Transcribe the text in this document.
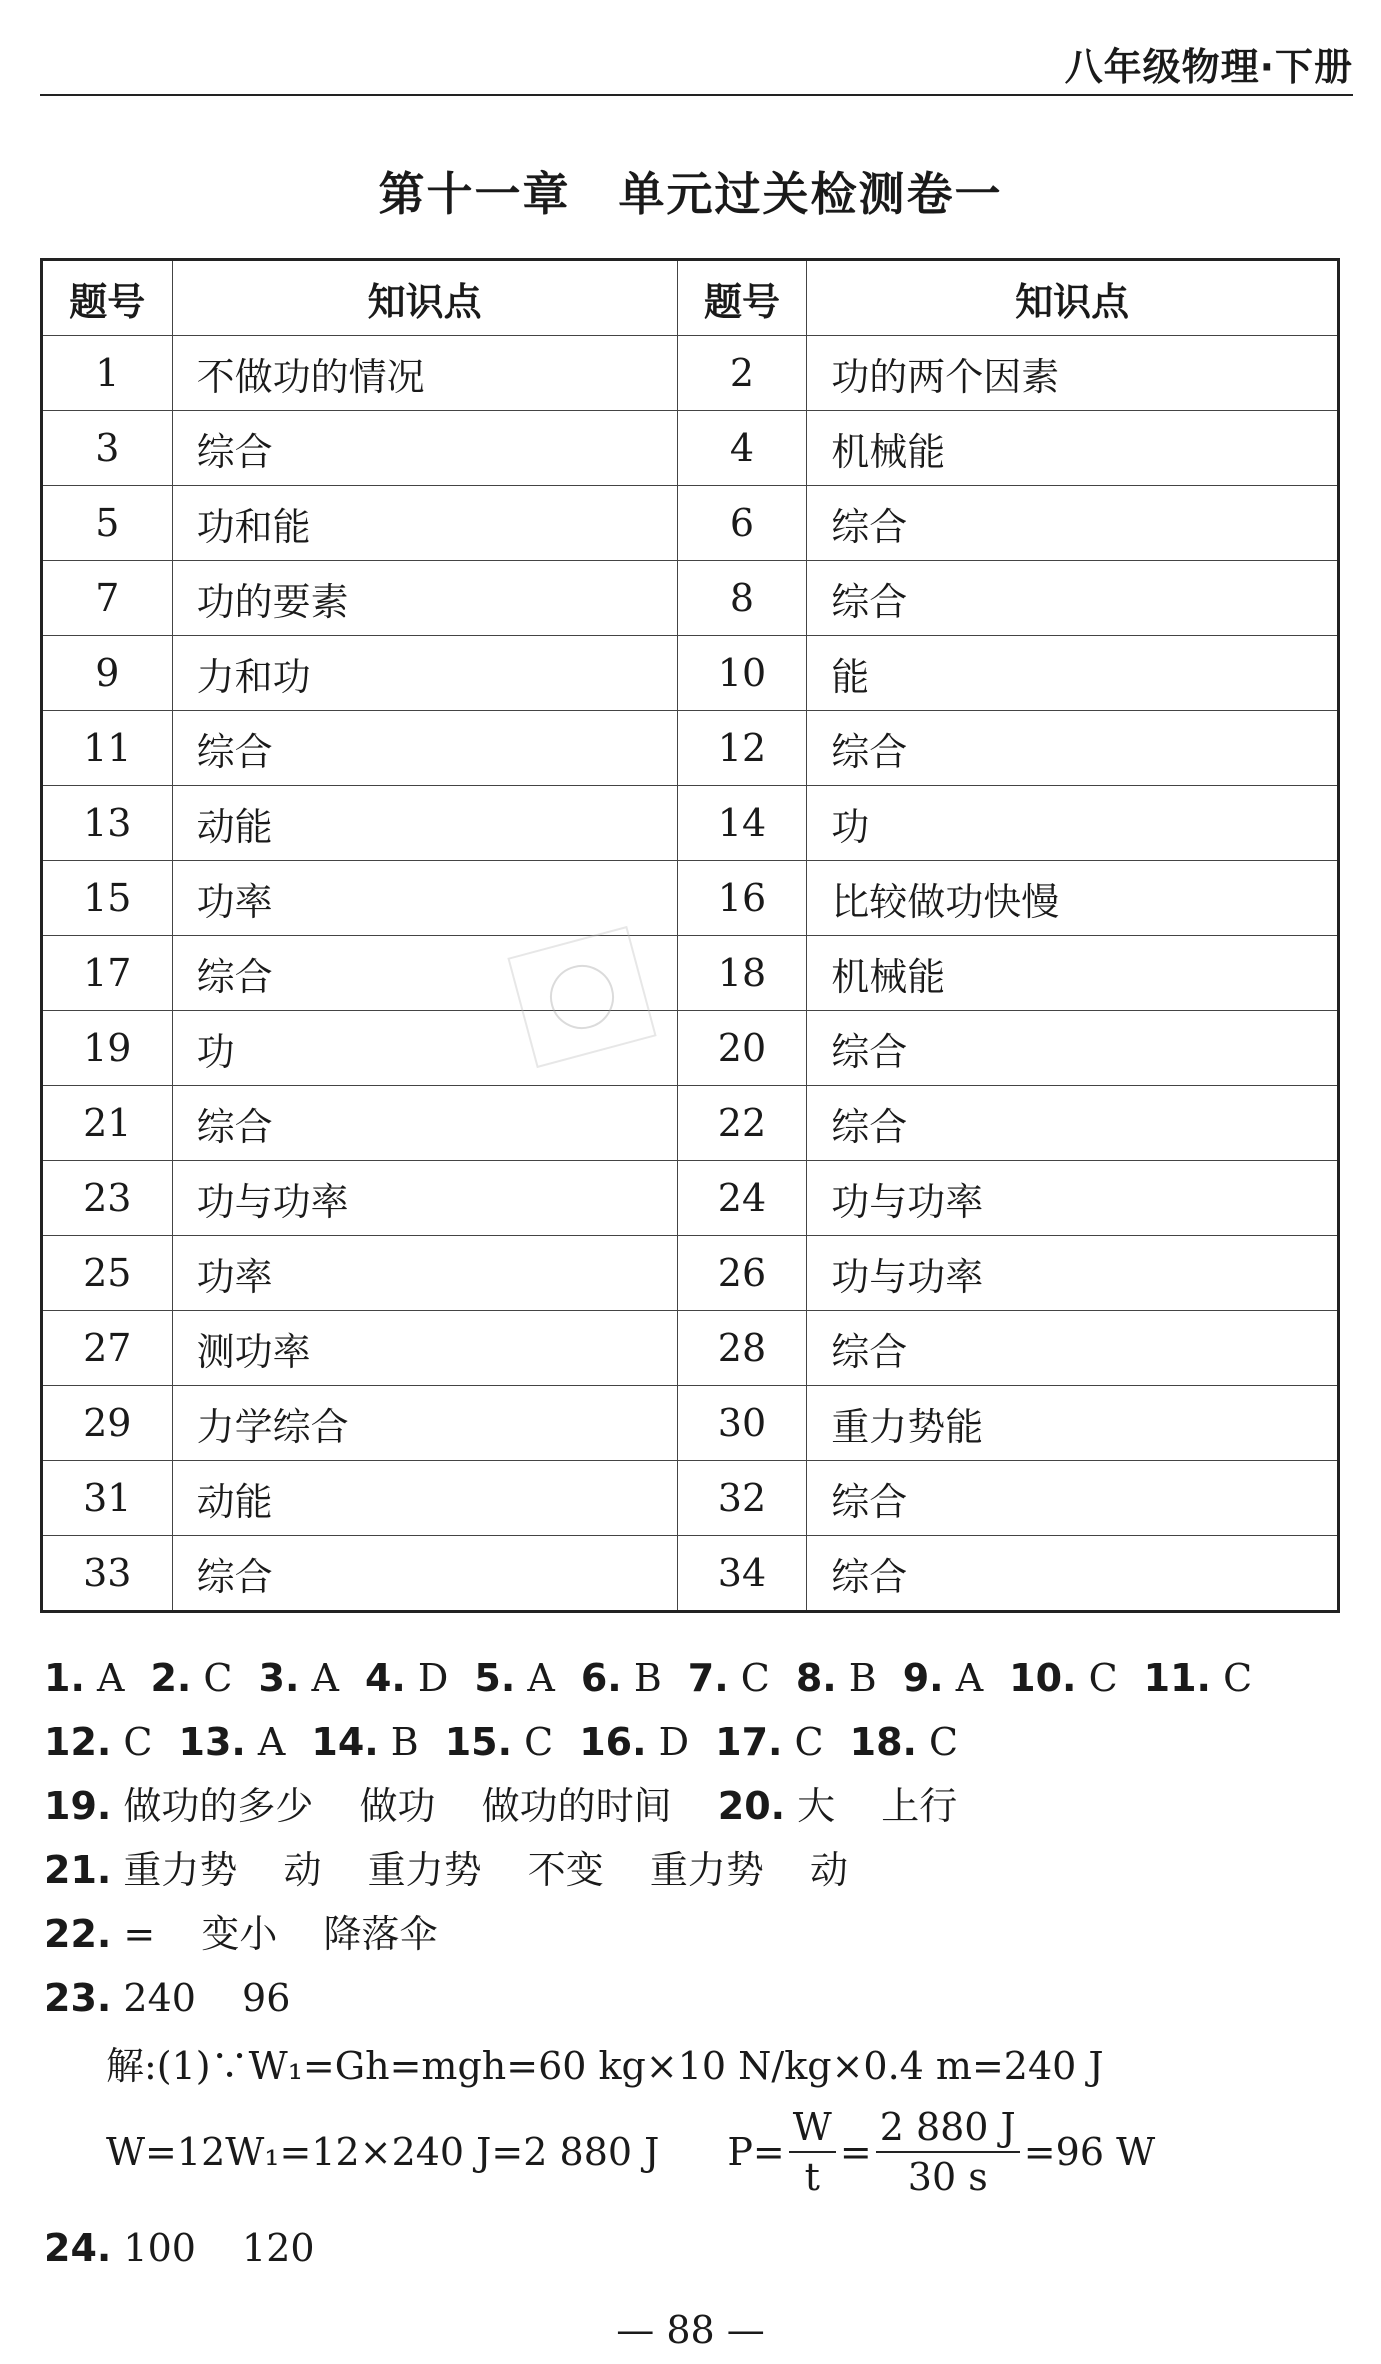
八年级物理·下册
第十一章　单元过关检测卷一
题号	知识点	题号	知识点
1	不做功的情况	2	功的两个因素
3	综合	4	机械能
5	功和能	6	综合
7	功的要素	8	综合
9	力和功	10	能
11	综合	12	综合
13	动能	14	功
15	功率	16	比较做功快慢
17	综合	18	机械能
19	功	20	综合
21	综合	22	综合
23	功与功率	24	功与功率
25	功率	26	功与功率
27	测功率	28	综合
29	力学综合	30	重力势能
31	动能	32	综合
33	综合	34	综合
1. A 2. C 3. A 4. D 5. A 6. B 7. C 8. B 9. A 10. C 11. C
12. C 13. A 14. B 15. C 16. D 17. C 18. C
19. 做功的多少 做功 做功的时间 20. 大 上行
21. 重力势 动 重力势 不变 重力势 动
22. = 变小 降落伞
23. 240 96
解:(1)∵W₁=Gh=mgh=60 kg×10 N/kg×0.4 m=240 J
W=12W₁=12×240 J=2 880 J $P= \frac{W}{t} = \frac{2 880 J}{30 s} =96$ W
24. 100 120
— 88 —
